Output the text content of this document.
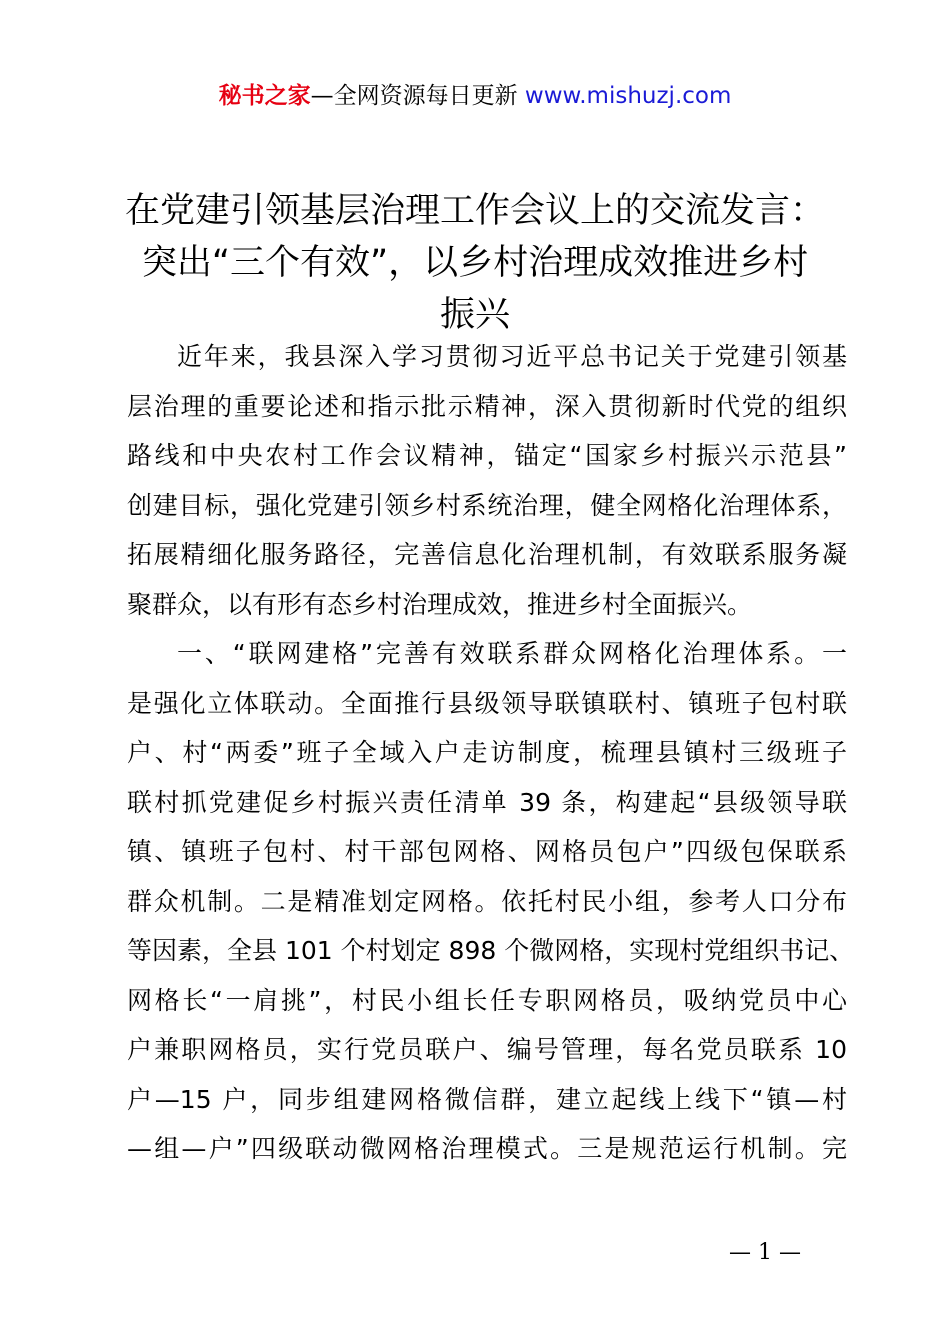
秘书之家—全网资源每日更新 www.mishuzj.com
在党建引领基层治理工作会议上的交流发言：
突出“三个有效”，以乡村治理成效推进乡村
振兴
近年来，我县深入学习贯彻习近平总书记关于党建引领基
层治理的重要论述和指示批示精神，深入贯彻新时代党的组织
路线和中央农村工作会议精神，锚定“国家乡村振兴示范县”
创建目标，强化党建引领乡村系统治理，健全网格化治理体系，
拓展精细化服务路径，完善信息化治理机制，有效联系服务凝
聚群众，以有形有态乡村治理成效，推进乡村全面振兴。
一、“联网建格”完善有效联系群众网格化治理体系。一
是强化立体联动。全面推行县级领导联镇联村、镇班子包村联
户、村“两委”班子全域入户走访制度，梳理县镇村三级班子
联村抓党建促乡村振兴责任清单 39 条，构建起“县级领导联
镇、镇班子包村、村干部包网格、网格员包户”四级包保联系
群众机制。二是精准划定网格。依托村民小组，参考人口分布
等因素，全县 101 个村划定 898 个微网格，实现村党组织书记、
网格长“一肩挑”，村民小组长任专职网格员，吸纳党员中心
户兼职网格员，实行党员联户、编号管理，每名党员联系 10
户—15 户，同步组建网格微信群，建立起线上线下“镇—村
—组—户”四级联动微网格治理模式。三是规范运行机制。完
— 1 —
